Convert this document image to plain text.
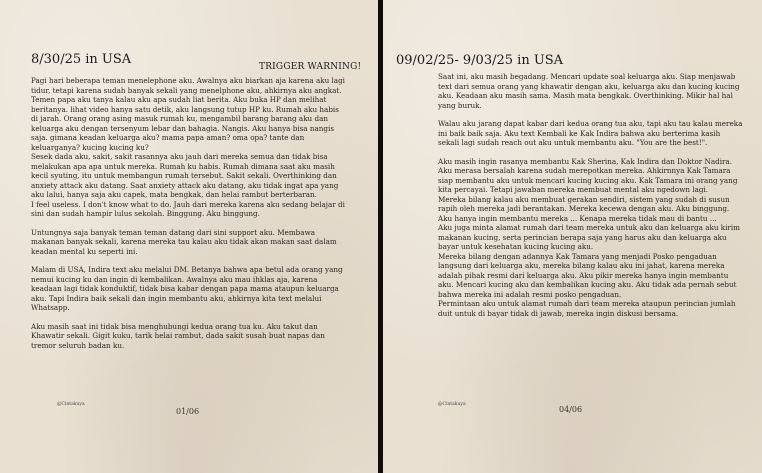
8/30/25 in USA	TRIGGER WARNING!

Pagi hari beberapa teman menelephone aku. Awalnya aku biarkan aja karena aku lagi tidur, tetapi karena sudah banyak sekali yang menelphone aku, ahkirnya aku angkat. Temen papa aku tanya kalau aku apa sudah liat berita. Aku buka HP dan melihat beritanya. lihat video hanya satu detik, aku langsung tutup HP ku. Rumah aku habis di jarah. Orang orang asing masuk rumah ku, mengambil barang barang aku dan keluarga aku dengan tersenyum lebar dan bahagia. Nangis. Aku hanya bisa nangis saja. gimana keadan keluarga aku? mama papa aman? oma opa? tante dan keluarganya? kucing kucing ku?

Sesek dada aku, sakit, sakit rasannya aku jauh dari mereka semua dan tidak bisa melakukan apa apa untuk mereka. Rumah ku habis. Rumah dimana saat aku masih kecil syuting, itu untuk membangun rumah tersebut. Sakit sekali. Overthinking dan anxiety attack aku datang. Saat anxiety attack aku datang, aku tidak ingat apa yang aku lalui, hanya saja aku capek, mata bengkak, dan helai rambut berterbaran.

I feel useless. I don't know what to do. Jauh dari mereka karena aku sedang belajar di sini dan sudah hampir lulus sekolah. Binggung. Aku binggung.

Untungnya saja banyak teman teman datang dari sini support aku. Membawa makanan banyak sekali, karena mereka tau kalau aku tidak akan makan saat dalam keadan mental ku seperti ini.

Malam di USA, Indira text aku melalui DM. Betanya bahwa apa betul ada orang yang nemui kucing ku dan ingin di kembalikan. Awalnya aku mau ihklas aja, karena keadaan lagi tidak konduktif, tidak bisa kabar dengan papa mama ataupun keluarga aku. Tapi Indira baik sekali dan ingin membantu aku, ahkirnya kita text melalui Whatsapp.

Aku masih saat ini tidak bisa menghubungi kedua orang tua ku. Aku takut dan Khawatir sekali. Gigit kuku, tarik helai rambut, dada sakit susah buat napas dan tremor seluruh badan ku.

@Cintakuya
01/06
09/02/25- 9/03/25 in USA

Saat ini, aku masih begadang. Mencari update soal keluarga aku. Siap menjawab text dari semua orang yang khawatir dengan aku, keluarga aku dan kucing kucing aku. Keadaan aku masih sama. Masih mata bengkak. Overthinking. Mikir hal hal yang buruk.

Walau aku jarang dapat kabar dari kedua orang tua aku, tapi aku tau kalau mereka ini baik baik saja. Aku text Kembali ke Kak Indira bahwa aku berterima kasih sekali lagi sudah reach out aku untuk membantu aku. "You are the best!".

Aku masih ingin rasanya membantu Kak Sherina, Kak Indira dan Doktor Nadira. Aku merasa bersalah karena sudah merepotkan mereka. Ahkirnnya Kak Tamara siap membantu aku untuk mencari kucing kucing aku. Kak Tamara ini orang yang kita percayai. Tetapi jawaban mereka membuat mental aku ngedown lagi.

Mereka bilang kalau aku membuat gerakan sendiri, sistem yang sudah di susun rapih oleh mereka jadi berantakan. Mereka kecewa dengan aku. Aku binggung. Aku hanya ingin membantu mereka ... Kenapa mereka tidak mau di bantu ...

Aku juga minta alamat rumah dari team mereka untuk aku dan keluarga aku kirim makanan kucing, serta perincian berapa saja yang harus aku dan keluarga aku bayar untuk kesehatan kucing kucing aku.

Mereka bilang dengan adannya Kak Tamara yang menjadi Posko pengaduan langsung dari keluarga aku, mereka bilang kalau aku ini jahat, karena mereka adalah pihak resmi dari keluarga aku. Aku pikir mereka hanya ingin membantu aku. Mencari kucing aku dan kembalikan kucing aku. Aku tidak ada pernah sebut bahwa mereka ini adalah resmi posko pengaduan.

Permintaan aku untuk alamat rumah dari team mereka ataupun perincian jumlah duit untuk di bayar tidak di jawab, mereka ingin diskusi bersama.

@Cintakuya
04/06
